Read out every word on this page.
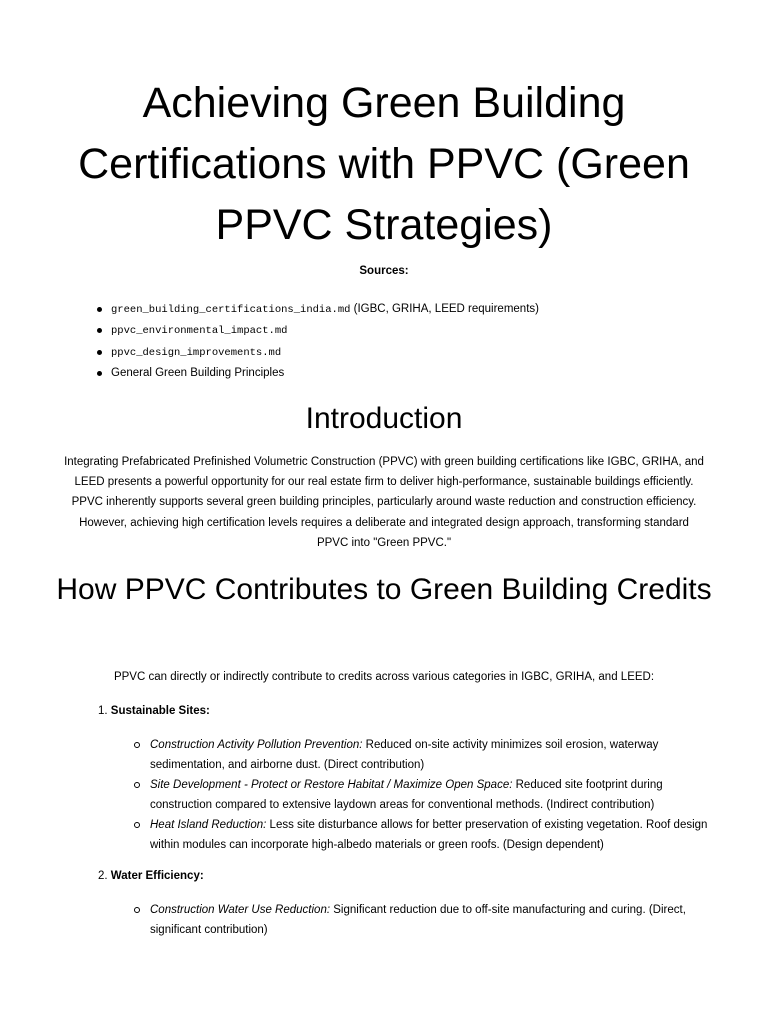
Achieving Green Building Certifications with PPVC (Green PPVC Strategies)
Sources:
green_building_certifications_india.md (IGBC, GRIHA, LEED requirements)
ppvc_environmental_impact.md
ppvc_design_improvements.md
General Green Building Principles
Introduction

Integrating Prefabricated Prefinished Volumetric Construction (PPVC) with green building certifications like IGBC, GRIHA, and LEED presents a powerful opportunity for our real estate firm to deliver high-performance, sustainable buildings efficiently. PPVC inherently supports several green building principles, particularly around waste reduction and construction efficiency. However, achieving high certification levels requires a deliberate and integrated design approach, transforming standard PPVC into "Green PPVC."

How PPVC Contributes to Green Building Credits

PPVC can directly or indirectly contribute to credits across various categories in IGBC, GRIHA, and LEED:

1. Sustainable Sites:
Construction Activity Pollution Prevention: Reduced on-site activity minimizes soil erosion, waterway sedimentation, and airborne dust. (Direct contribution)
Site Development - Protect or Restore Habitat / Maximize Open Space: Reduced site footprint during construction compared to extensive laydown areas for conventional methods. (Indirect contribution)
Heat Island Reduction: Less site disturbance allows for better preservation of existing vegetation. Roof design within modules can incorporate high-albedo materials or green roofs. (Design dependent)
2. Water Efficiency:
Construction Water Use Reduction: Significant reduction due to off-site manufacturing and curing. (Direct, significant contribution)
